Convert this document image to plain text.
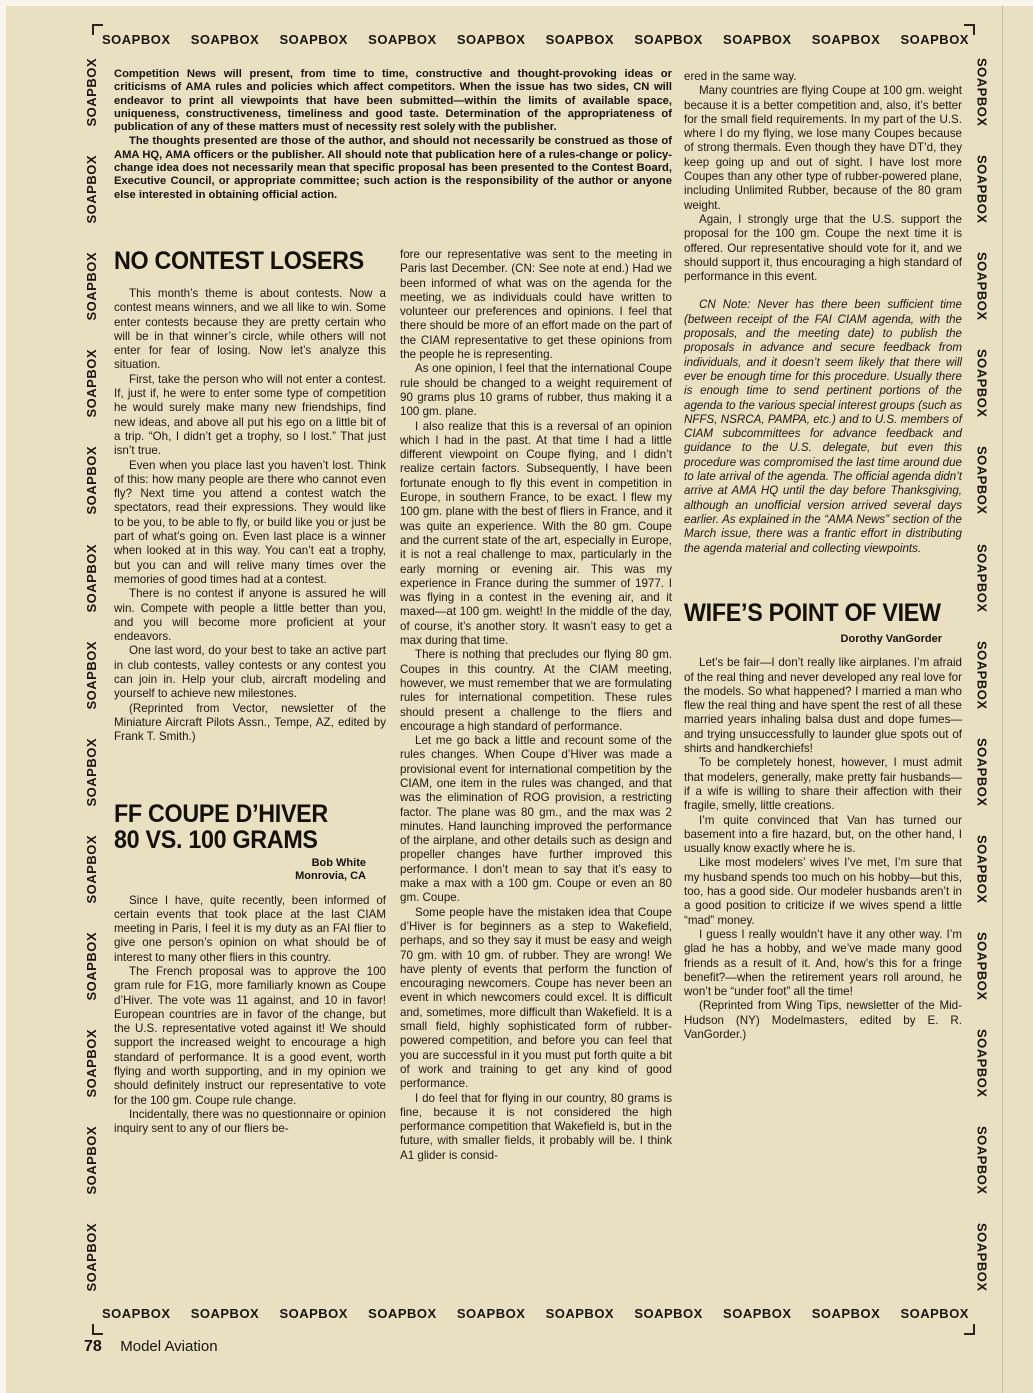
SOAPBOX SOAPBOX SOAPBOX SOAPBOX SOAPBOX SOAPBOX SOAPBOX SOAPBOX SOAPBOX SOAPBOX
SOAPBOX SOAPBOX SOAPBOX SOAPBOX SOAPBOX SOAPBOX SOAPBOX SOAPBOX SOAPBOX SOAPBOX
SOAPBOX
SOAPBOX
SOAPBOX
SOAPBOX
SOAPBOX
SOAPBOX
SOAPBOX
SOAPBOX
SOAPBOX
SOAPBOX
SOAPBOX
SOAPBOX
SOAPBOX
SOAPBOX
SOAPBOX
SOAPBOX
SOAPBOX
SOAPBOX
SOAPBOX
SOAPBOX
SOAPBOX
SOAPBOX
SOAPBOX
SOAPBOX
SOAPBOX
SOAPBOX

Competition News will present, from time to time, constructive and thought-provoking ideas or criticisms of AMA rules and policies which affect competitors. When the issue has two sides, CN will endeavor to print all viewpoints that have been submitted—within the limits of available space, uniqueness, constructiveness, timeliness and good taste. Determination of the appropriateness of publication of any of these matters must of necessity rest solely with the publisher.

The thoughts presented are those of the author, and should not necessarily be construed as those of AMA HQ, AMA officers or the publisher. All should note that publication here of a rules-change or policy-change idea does not necessarily mean that specific proposal has been presented to the Contest Board, Executive Council, or appropriate committee; such action is the responsibility of the author or anyone else interested in obtaining official action.

NO CONTEST LOSERS

This month’s theme is about contests. Now a contest means winners, and we all like to win. Some enter contests because they are pretty certain who will be in that winner’s circle, while others will not enter for fear of losing. Now let’s analyze this situation.

First, take the person who will not enter a contest. If, just if, he were to enter some type of competition he would surely make many new friendships, find new ideas, and above all put his ego on a little bit of a trip. “Oh, I didn’t get a trophy, so I lost.” That just isn’t true.

Even when you place last you haven’t lost. Think of this: how many people are there who cannot even fly? Next time you attend a contest watch the spectators, read their expressions. They would like to be you, to be able to fly, or build like you or just be part of what’s going on. Even last place is a winner when looked at in this way. You can’t eat a trophy, but you can and will relive many times over the memories of good times had at a contest.

There is no contest if anyone is assured he will win. Compete with people a little better than you, and you will become more proficient at your endeavors.

One last word, do your best to take an active part in club contests, valley contests or any contest you can join in. Help your club, aircraft modeling and yourself to achieve new milestones.

(Reprinted from Vector, newsletter of the Miniature Aircraft Pilots Assn., Tempe, AZ, edited by Frank T. Smith.)

FF COUPE D’HIVER
80 VS. 100 GRAMS
Bob White
Monrovia, CA

Since I have, quite recently, been informed of certain events that took place at the last CIAM meeting in Paris, I feel it is my duty as an FAI flier to give one person’s opinion on what should be of interest to many other fliers in this country.

The French proposal was to approve the 100 gram rule for F1G, more familiarly known as Coupe d’Hiver. The vote was 11 against, and 10 in favor! European countries are in favor of the change, but the U.S. representative voted against it! We should support the increased weight to encourage a high standard of performance. It is a good event, worth flying and worth supporting, and in my opinion we should definitely instruct our representative to vote for the 100 gm. Coupe rule change.

Incidentally, there was no questionnaire or opinion inquiry sent to any of our fliers be-

fore our representative was sent to the meeting in Paris last December. (CN: See note at end.) Had we been informed of what was on the agenda for the meeting, we as individuals could have written to volunteer our preferences and opinions. I feel that there should be more of an effort made on the part of the CIAM representative to get these opinions from the people he is representing.

As one opinion, I feel that the international Coupe rule should be changed to a weight requirement of 90 grams plus 10 grams of rubber, thus making it a 100 gm. plane.

I also realize that this is a reversal of an opinion which I had in the past. At that time I had a little different viewpoint on Coupe flying, and I didn’t realize certain factors. Subsequently, I have been fortunate enough to fly this event in competition in Europe, in southern France, to be exact. I flew my 100 gm. plane with the best of fliers in France, and it was quite an experience. With the 80 gm. Coupe and the current state of the art, especially in Europe, it is not a real challenge to max, particularly in the early morning or evening air. This was my experience in France during the summer of 1977. I was flying in a contest in the evening air, and it maxed—at 100 gm. weight! In the middle of the day, of course, it’s another story. It wasn’t easy to get a max during that time.

There is nothing that precludes our flying 80 gm. Coupes in this country. At the CIAM meeting, however, we must remember that we are formulating rules for international competition. These rules should present a challenge to the fliers and encourage a high standard of performance.

Let me go back a little and recount some of the rules changes. When Coupe d’Hiver was made a provisional event for international competition by the CIAM, one item in the rules was changed, and that was the elimination of ROG provision, a restricting factor. The plane was 80 gm., and the max was 2 minutes. Hand launching improved the performance of the airplane, and other details such as design and propeller changes have further improved this performance. I don’t mean to say that it’s easy to make a max with a 100 gm. Coupe or even an 80 gm. Coupe.

Some people have the mistaken idea that Coupe d’Hiver is for beginners as a step to Wakefield, perhaps, and so they say it must be easy and weigh 70 gm. with 10 gm. of rubber. They are wrong! We have plenty of events that perform the function of encouraging newcomers. Coupe has never been an event in which newcomers could excel. It is difficult and, sometimes, more difficult than Wakefield. It is a small field, highly sophisticated form of rubber-powered competition, and before you can feel that you are successful in it you must put forth quite a bit of work and training to get any kind of good performance.

I do feel that for flying in our country, 80 grams is fine, because it is not considered the high performance competition that Wakefield is, but in the future, with smaller fields, it probably will be. I think A1 glider is consid-

ered in the same way.

Many countries are flying Coupe at 100 gm. weight because it is a better competition and, also, it’s better for the small field requirements. In my part of the U.S. where I do my flying, we lose many Coupes because of strong thermals. Even though they have DT’d, they keep going up and out of sight. I have lost more Coupes than any other type of rubber-powered plane, including Unlimited Rubber, because of the 80 gram weight.

Again, I strongly urge that the U.S. support the proposal for the 100 gm. Coupe the next time it is offered. Our representative should vote for it, and we should support it, thus encouraging a high standard of performance in this event.

CN Note: Never has there been sufficient time (between receipt of the FAI CIAM agenda, with the proposals, and the meeting date) to publish the proposals in advance and secure feedback from individuals, and it doesn’t seem likely that there will ever be enough time for this procedure. Usually there is enough time to send pertinent portions of the agenda to the various special interest groups (such as NFFS, NSRCA, PAMPA, etc.) and to U.S. members of CIAM subcommittees for advance feedback and guidance to the U.S. delegate, but even this procedure was compromised the last time around due to late arrival of the agenda. The official agenda didn’t arrive at AMA HQ until the day before Thanksgiving, although an unofficial version arrived several days earlier. As explained in the “AMA News” section of the March issue, there was a frantic effort in distributing the agenda material and collecting viewpoints.

WIFE’S POINT OF VIEW
Dorothy VanGorder

Let’s be fair—I don’t really like airplanes. I’m afraid of the real thing and never developed any real love for the models. So what happened? I married a man who flew the real thing and have spent the rest of all these married years inhaling balsa dust and dope fumes—and trying unsuccessfully to launder glue spots out of shirts and handkerchiefs!

To be completely honest, however, I must admit that modelers, generally, make pretty fair husbands—if a wife is willing to share their affection with their fragile, smelly, little creations.

I’m quite convinced that Van has turned our basement into a fire hazard, but, on the other hand, I usually know exactly where he is.

Like most modelers’ wives I’ve met, I’m sure that my husband spends too much on his hobby—but this, too, has a good side. Our modeler husbands aren’t in a good position to criticize if we wives spend a little “mad” money.

I guess I really wouldn’t have it any other way. I’m glad he has a hobby, and we’ve made many good friends as a result of it. And, how’s this for a fringe benefit?—when the retirement years roll around, he won’t be “under foot” all the time!

(Reprinted from Wing Tips, newsletter of the Mid-Hudson (NY) Modelmasters, edited by E. R. VanGorder.)

78 Model Aviation
